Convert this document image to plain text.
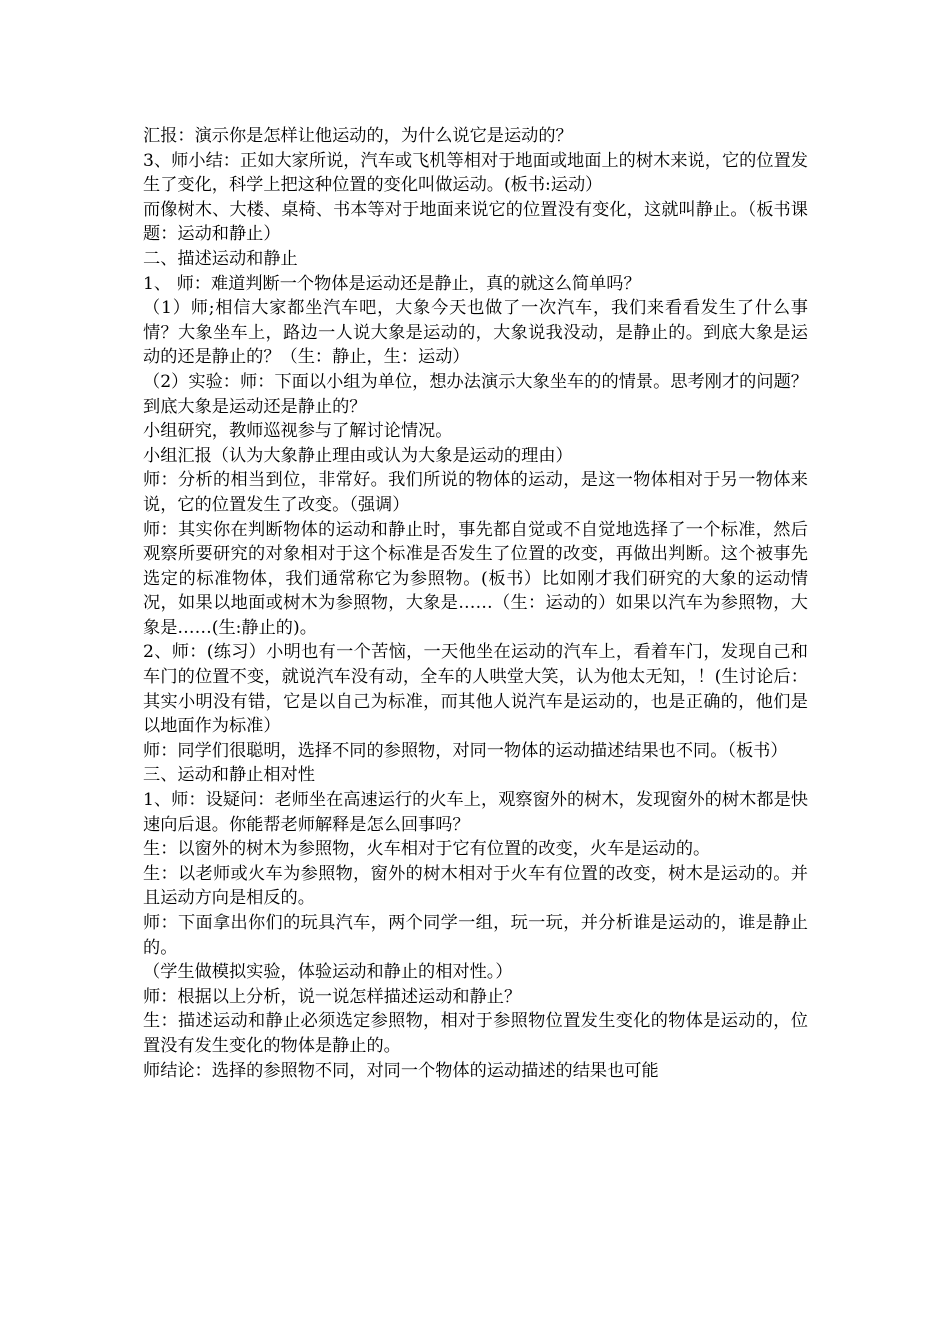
汇报：演示你是怎样让他运动的，为什么说它是运动的？

3、师小结：正如大家所说，汽车或飞机等相对于地面或地面上的树木来说，它的位置发生了变化，科学上把这种位置的变化叫做运动。(板书:运动）

而像树木、大楼、桌椅、书本等对于地面来说它的位置没有变化，这就叫静止。（板书课题：运动和静止）

二、描述运动和静止

1、 师：难道判断一个物体是运动还是静止，真的就这么简单吗？

（1）师;相信大家都坐汽车吧，大象今天也做了一次汽车，我们来看看发生了什么事情？大象坐车上，路边一人说大象是运动的，大象说我没动，是静止的。到底大象是运动的还是静止的？（生：静止，生：运动）

（2）实验：师：下面以小组为单位，想办法演示大象坐车的的情景。思考刚才的问题？到底大象是运动还是静止的？

小组研究，教师巡视参与了解讨论情况。

小组汇报（认为大象静止理由或认为大象是运动的理由）

师：分析的相当到位，非常好。我们所说的物体的运动，是这一物体相对于另一物体来说，它的位置发生了改变。（强调）

师：其实你在判断物体的运动和静止时，事先都自觉或不自觉地选择了一个标准，然后观察所要研究的对象相对于这个标准是否发生了位置的改变，再做出判断。这个被事先选定的标准物体，我们通常称它为参照物。(板书）比如刚才我们研究的大象的运动情况，如果以地面或树木为参照物，大象是……（生：运动的）如果以汽车为参照物，大象是……(生:静止的)。

2、师：(练习）小明也有一个苦恼，一天他坐在运动的汽车上，看着车门，发现自己和车门的位置不变，就说汽车没有动，全车的人哄堂大笑，认为他太无知，！(生讨论后：其实小明没有错，它是以自己为标准，而其他人说汽车是运动的，也是正确的，他们是以地面作为标准）

师：同学们很聪明，选择不同的参照物，对同一物体的运动描述结果也不同。（板书）

三、运动和静止相对性

1、师：设疑问：老师坐在高速运行的火车上，观察窗外的树木，发现窗外的树木都是快速向后退。你能帮老师解释是怎么回事吗？

生：以窗外的树木为参照物，火车相对于它有位置的改变，火车是运动的。

生：以老师或火车为参照物，窗外的树木相对于火车有位置的改变，树木是运动的。并且运动方向是相反的。

师：下面拿出你们的玩具汽车，两个同学一组，玩一玩，并分析谁是运动的，谁是静止的。

（学生做模拟实验，体验运动和静止的相对性。）

师：根据以上分析，说一说怎样描述运动和静止？

生：描述运动和静止必须选定参照物，相对于参照物位置发生变化的物体是运动的，位置没有发生变化的物体是静止的。

师结论：选择的参照物不同，对同一个物体的运动描述的结果也可能
